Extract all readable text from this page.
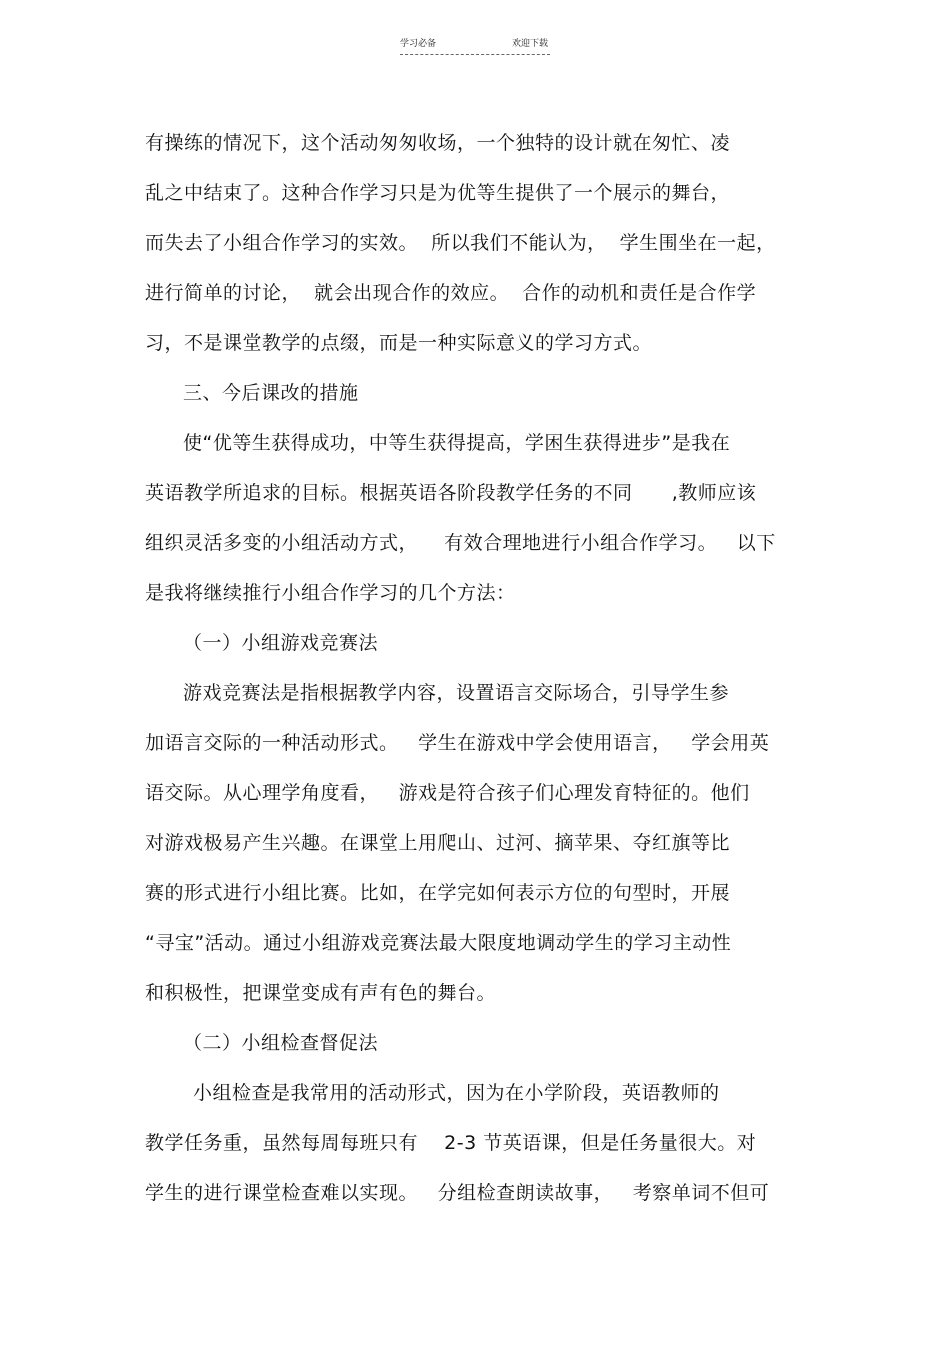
学习必备	欢迎下载
有操练的情况下，这个活动匆匆收场，一个独特的设计就在匆忙、凌
乱之中结束了。这种合作学习只是为优等生提供了一个展示的舞台，
而失去了小组合作学习的实效。  所以我们不能认为，  学生围坐在一起，
进行简单的讨论，  就会出现合作的效应。  合作的动机和责任是合作学
习，不是课堂教学的点缀，而是一种实际意义的学习方式。
三、今后课改的措施
使“优等生获得成功，中等生获得提高，学困生获得进步”是我在
英语教学所追求的目标。根据英语各阶段教学任务的不同      ,教师应该
组织灵活多变的小组活动方式，    有效合理地进行小组合作学习。   以下
是我将继续推行小组合作学习的几个方法：
（一）小组游戏竞赛法
游戏竞赛法是指根据教学内容，设置语言交际场合，引导学生参
加语言交际的一种活动形式。   学生在游戏中学会使用语言，   学会用英
语交际。从心理学角度看，   游戏是符合孩子们心理发育特征的。他们
对游戏极易产生兴趣。在课堂上用爬山、过河、摘苹果、夺红旗等比
赛的形式进行小组比赛。比如，在学完如何表示方位的句型时，开展
“寻宝”活动。通过小组游戏竞赛法最大限度地调动学生的学习主动性
和积极性，把课堂变成有声有色的舞台。
（二）小组检查督促法
小组检查是我常用的活动形式，因为在小学阶段，英语教师的
教学任务重，虽然每周每班只有    2-3 节英语课，但是任务量很大。对
学生的进行课堂检查难以实现。   分组检查朗读故事，   考察单词不但可
